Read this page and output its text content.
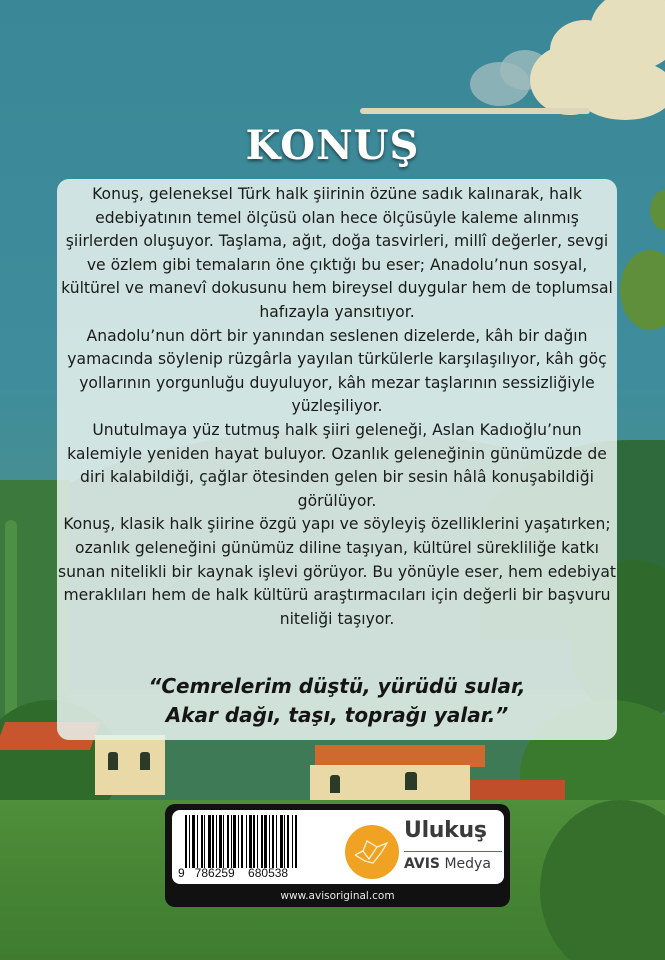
KONUŞ

Konuş, geleneksel Türk halk şiirinin özüne sadık kalınarak, halk edebiyatının temel ölçüsü olan hece ölçüsüyle kaleme alınmış şiirlerden oluşuyor. Taşlama, ağıt, doğa tasvirleri, millî değerler, sevgi ve özlem gibi temaların öne çıktığı bu eser; Anadolu’nun sosyal, kültürel ve manevî dokusunu hem bireysel duygular hem de toplumsal hafızayla yansıtıyor.

Anadolu’nun dört bir yanından seslenen dizelerde, kâh bir dağın yamacında söylenip rüzgârla yayılan türkülerle karşılaşılıyor, kâh göç yollarının yorgunluğu duyuluyor, kâh mezar taşlarının sessizliğiyle yüzleşiliyor.

Unutulmaya yüz tutmuş halk şiiri geleneği, Aslan Kadıoğlu’nun kalemiyle yeniden hayat buluyor. Ozanlık geleneğinin günümüzde de diri kalabildiği, çağlar ötesinden gelen bir sesin hâlâ konuşabildiği görülüyor.

Konuş, klasik halk şiirine özgü yapı ve söyleyiş özelliklerini yaşatırken; ozanlık geleneğini günümüz diline taşıyan, kültürel sürekliliğe katkı sunan nitelikli bir kaynak işlevi görüyor. Bu yönüyle eser, hem edebiyat meraklıları hem de halk kültürü araştırmacıları için değerli bir başvuru niteliği taşıyor.

“Cemrelerim düştü, yürüdü sular,
Akar dağı, taşı, toprağı yalar.”
9   786259    680538
Ulukuş
AVIS Medya
www.avisoriginal.com
